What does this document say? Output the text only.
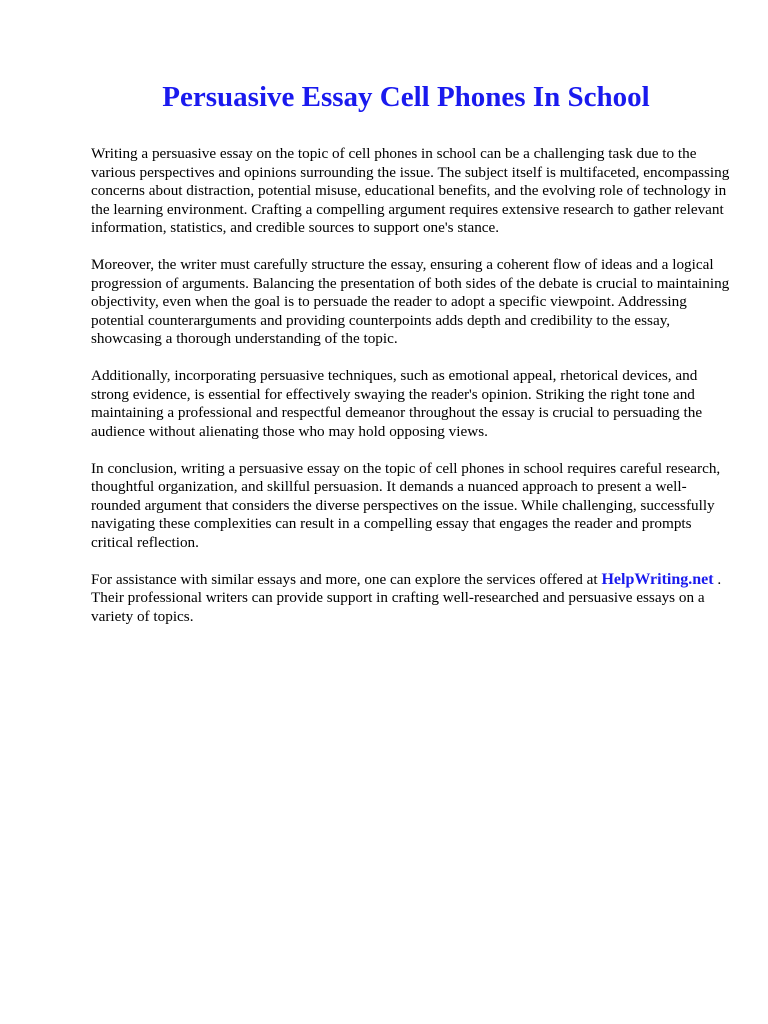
Persuasive Essay Cell Phones In School

Writing a persuasive essay on the topic of cell phones in school can be a challenging task due to the various perspectives and opinions surrounding the issue. The subject itself is multifaceted, encompassing concerns about distraction, potential misuse, educational benefits, and the evolving role of technology in the learning environment. Crafting a compelling argument requires extensive research to gather relevant information, statistics, and credible sources to support one's stance.

Moreover, the writer must carefully structure the essay, ensuring a coherent flow of ideas and a logical progression of arguments. Balancing the presentation of both sides of the debate is crucial to maintaining objectivity, even when the goal is to persuade the reader to adopt a specific viewpoint. Addressing potential counterarguments and providing counterpoints adds depth and credibility to the essay, showcasing a thorough understanding of the topic.

Additionally, incorporating persuasive techniques, such as emotional appeal, rhetorical devices, and strong evidence, is essential for effectively swaying the reader's opinion. Striking the right tone and maintaining a professional and respectful demeanor throughout the essay is crucial to persuading the audience without alienating those who may hold opposing views.

In conclusion, writing a persuasive essay on the topic of cell phones in school requires careful research, thoughtful organization, and skillful persuasion. It demands a nuanced approach to present a well-rounded argument that considers the diverse perspectives on the issue. While challenging, successfully navigating these complexities can result in a compelling essay that engages the reader and prompts critical reflection.

For assistance with similar essays and more, one can explore the services offered at HelpWriting.net . Their professional writers can provide support in crafting well-researched and persuasive essays on a variety of topics.
